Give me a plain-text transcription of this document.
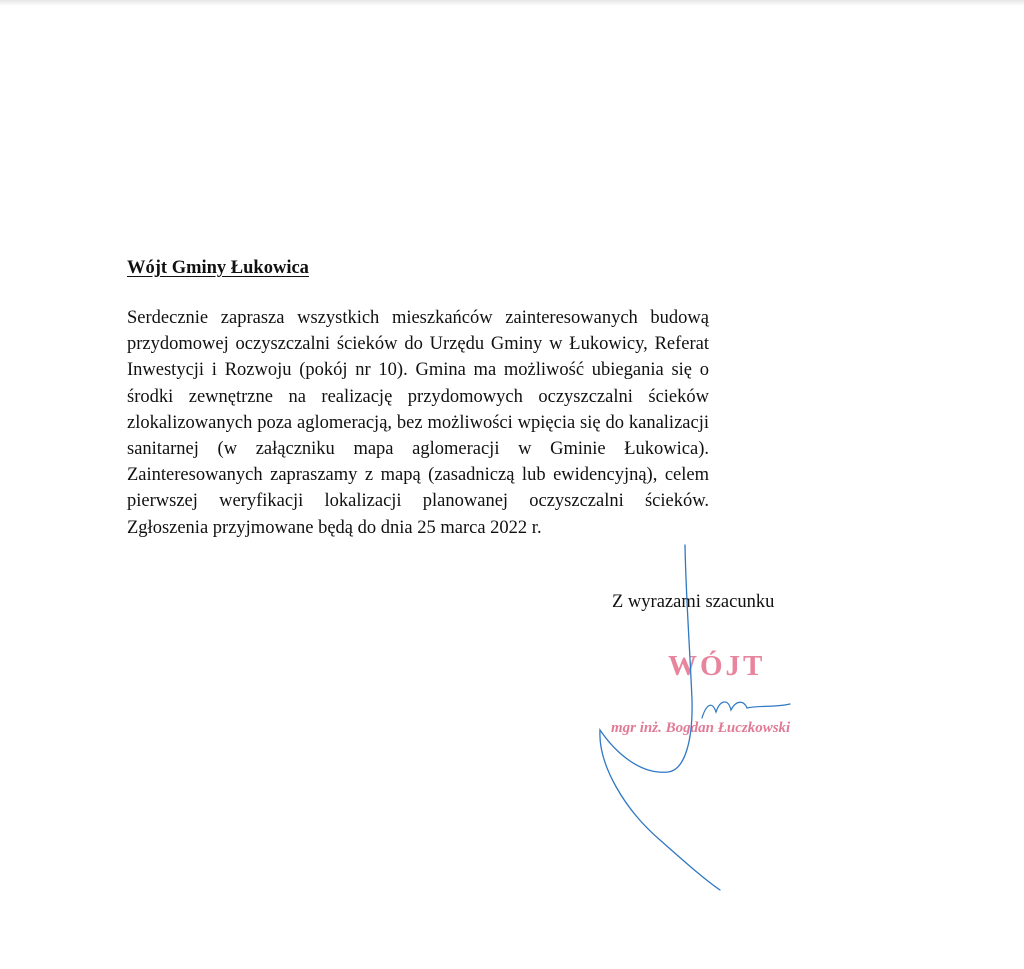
Wójt Gminy Łukowica

Serdecznie zaprasza wszystkich mieszkańców zainteresowanych budową przydomowej oczyszczalni ścieków do Urzędu Gminy w Łukowicy, Referat Inwestycji i Rozwoju (pokój nr 10). Gmina ma możliwość ubiegania się o środki zewnętrzne na realizację przydomowych oczyszczalni ścieków zlokalizowanych poza aglomeracją, bez możliwości wpięcia się do kanalizacji sanitarnej (w załączniku mapa aglomeracji w Gminie Łukowica). Zainteresowanych zapraszamy z mapą (zasadniczą lub ewidencyjną), celem pierwszej weryfikacji lokalizacji planowanej oczyszczalni ścieków. Zgłoszenia przyjmowane będą do dnia 25 marca 2022 r.

Z wyrazami szacunku
WÓJT
mgr inż. Bogdan Łuczkowski
